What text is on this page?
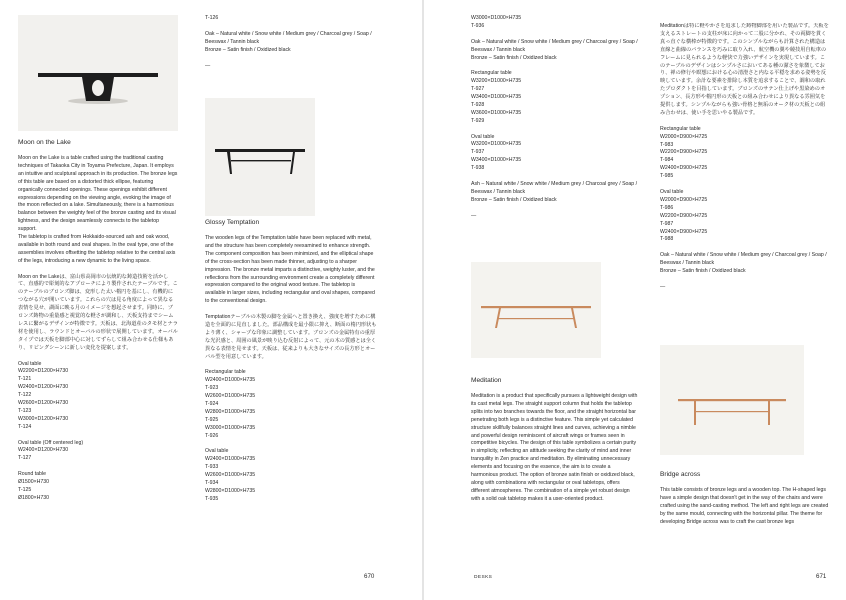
Moon on the Lake

Moon on the Lake is a table crafted using the traditional casting techniques of Takaoka City in Toyama Prefecture, Japan. It employs an intuitive and sculptural approach in its production. The bronze legs of this table are based on a distorted thick ellipse, featuring organically connected openings. These openings exhibit different expressions depending on the viewing angle, evoking the image of the moon reflected on a lake. Simultaneously, there is a harmonious balance between the weighty feel of the bronze casting and its visual lightness, and the design seamlessly connects to the tabletop support.

The tabletop is crafted from Hokkaido-sourced ash and oak wood, available in both round and oval shapes. In the oval type, one of the assemblies involves offsetting the tabletop relative to the central axis of the legs, introducing a new dynamic to the living space.

Moon on the Lakeは、富山県高岡市の伝統的な鋳造技術を活かして、直感的で彫刻的なアプローチにより製作されたテーブルです。このテーブルのブロンズ脚は、変形した太い楕円を基にし、有機的につながる穴が開いています。これらの穴は見る角度によって異なる表情を見せ、湖面に映る月のイメージを想起させます。同時に、ブロンズ鋳物の重量感と視覚的な軽さが調和し、天板支持までシームレスに繋がるデザインが特徴です。天板は、北海道産のタモ材とナラ材を使用し、ラウンドとオーバルの形状で展開しています。オーバルタイプでは天板を脚部中心に対してずらして組み合わせる仕様もあり、リビングシーンに新しい変化を提案します。

Oval table
W2200×D1200×H730
T-121
W2400×D1200×H730
T-122
W2600×D1200×H730
T-123
W3000×D1200×H730
T-124
Oval table (Off centered leg)
W2400×D1200×H730
T-127
Round table
Ø1500×H730
T-125
Ø1800×H730
T-126
Oak – Natural white / Snow white / Medium grey / Charcoal grey / Soap / Beeswax / Tannin black
Bronze – Satin finish / Oxidized black
—
Glossy Temptation

The wooden legs of the Temptation table have been replaced with metal, and the structure has been completely reexamined to enhance strength. The component composition has been minimized, and the elliptical shape of the cross-section has been made thinner, adjusting to a sharper impression. The bronze metal imparts a distinctive, weighty luster, and the reflections from the surrounding environment create a completely different expression compared to the original wood texture. The tabletop is available in larger sizes, including rectangular and oval shapes, compared to the conventional design.

Temptationテーブルの木製の脚を金属へと置き換え、強度を増すために構造を全面的に見直しました。部品構成を最小限に抑え、断面の楕円形状もより薄く、シャープな印象に調整しています。ブロンズの金属特有の重厚な光沢感と、周囲の風景が映り込む反射によって、元の木の質感とは全く異なる表情を見せます。天板は、従来よりも大きなサイズの長方形とオーバル型を用意しています。

Rectangular table
W2400×D1000×H735
T-923
W2600×D1000×H735
T-924
W2800×D1000×H735
T-925
W3000×D1000×H735
T-926
Oval table
W2400×D1000×H735
T-933
W2600×D1000×H735
T-934
W2800×D1000×H735
T-935
670
W3000×D1000×H735
T-936
Oak – Natural white / Snow white / Medium grey / Charcoal grey / Soap / Beeswax / Tannin black
Bronze – Satin finish / Oxidized black
Rectangular table
W3200×D1000×H735
T-927
W3400×D1000×H735
T-928
W3600×D1000×H735
T-929
Oval table
W3200×D1000×H735
T-937
W3400×D1000×H735
T-938
Ash – Natural white / Snow white / Medium grey / Charcoal grey / Soap / Beeswax / Tannin black
Bronze – Satin finish / Oxidized black
—
Meditation

Meditation is a product that specifically pursues a lightweight design with its cast metal legs. The straight support column that holds the tabletop splits into two branches towards the floor, and the straight horizontal bar penetrating both legs is a distinctive feature. This simple yet calculated structure skillfully balances straight lines and curves, achieving a nimble and powerful design reminiscent of aircraft wings or frames seen in competitive bicycles. The design of this table symbolizes a certain purity in simplicity, reflecting an attitude seeking the clarity of mind and inner tranquility in Zen practice and meditation. By eliminating unnecessary elements and focusing on the essence, the aim is to create a harmonious product. The option of bronze satin finish or oxidized black, along with combinations with rectangular or oval tabletops, offers different atmospheres. The combination of a simple yet robust design with a solid oak tabletop makes it a user-oriented product.

Meditationは特に軽やかさを追求した鋳物脚部を用いた製品です。天板を支えるストレートの支柱が床に向かって二股に分かれ、その両脚を貫く真っ直ぐな横棒が特徴的です。このシンプルながらも計算された構造は直線と曲線のバランスを巧みに取り入れ、航空機の翼や競技用自転車のフレームに見られるような軽快で力強いデザインを実現しています。このテーブルのデザインはシンプルさにおいてある種の潔さを象徴しており、禅の修行や瞑想における心の清澄さと内なる平穏を求める姿勢を反映しています。余計な要素を排除し本質を追求することで、調和の取れたプロダクトを目指しています。ブロンズのサテン仕上げや黒染めのオプション、長方形や楕円形の天板との組み合わせにより異なる雰囲気を提供します。シンプルながらも強い骨格と無垢のオーク材の天板との組み合わせは、使い手を思いやる製品です。

Rectangular table
W2000×D900×H725
T-983
W2200×D900×H725
T-984
W2400×D900×H725
T-985
Oval table
W2000×D900×H725
T-986
W2200×D900×H725
T-987
W2400×D900×H725
T-988
Oak – Natural white / Snow white / Medium grey / Charcoal grey / Soap / Beeswax / Tannin black
Bronze – Satin finish / Oxidized black
—
Bridge across

This table consists of bronze legs and a wooden top. The H-shaped legs have a simple design that doesn't get in the way of the chairs and were crafted using the sand-casting method. The left and right legs are created by the same mould, connecting with the horizontal pillar. The theme for developing Bridge across was to craft the cast bronze legs

DESKS	671
